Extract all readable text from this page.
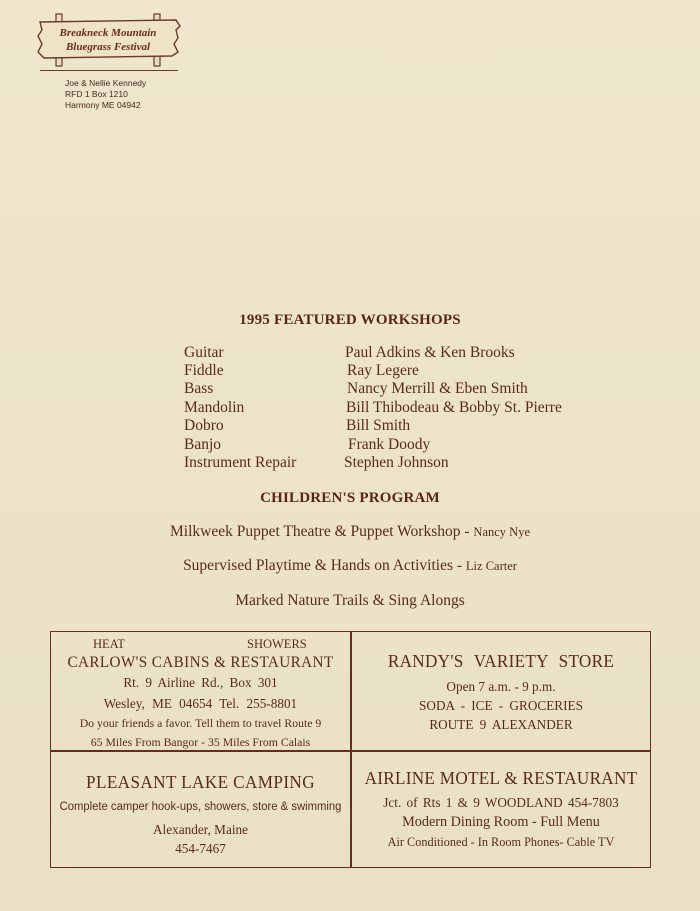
Breakneck Mountain
Bluegrass Festival
Joe & Nellie Kennedy
RFD 1 Box 1210
Harmony ME 04942
1995 FEATURED WORKSHOPS
Guitar	Paul Adkins & Ken Brooks
Fiddle	Ray Legere
Bass	Nancy Merrill & Eben Smith
Mandolin	Bill Thibodeau & Bobby St. Pierre
Dobro	Bill Smith
Banjo	Frank Doody
Instrument Repair	Stephen Johnson
CHILDREN'S PROGRAM
Milkweek Puppet Theatre & Puppet Workshop - Nancy Nye
Supervised Playtime & Hands on Activities - Liz Carter
Marked Nature Trails & Sing Alongs
HEAT	SHOWERS
CARLOW'S CABINS & RESTAURANT
Rt. 9 Airline Rd., Box 301
Wesley, ME 04654 Tel. 255-8801
Do your friends a favor. Tell them to travel Route 9
65 Miles From Bangor - 35 Miles From Calais
RANDY'S VARIETY STORE
Open 7 a.m. - 9 p.m.
SODA - ICE - GROCERIES
ROUTE 9 ALEXANDER
PLEASANT LAKE CAMPING
Complete camper hook-ups, showers, store & swimming
Alexander, Maine
454-7467
AIRLINE MOTEL & RESTAURANT
Jct. of Rts 1 & 9 WOODLAND 454-7803
Modern Dining Room - Full Menu
Air Conditioned - In Room Phones- Cable TV
